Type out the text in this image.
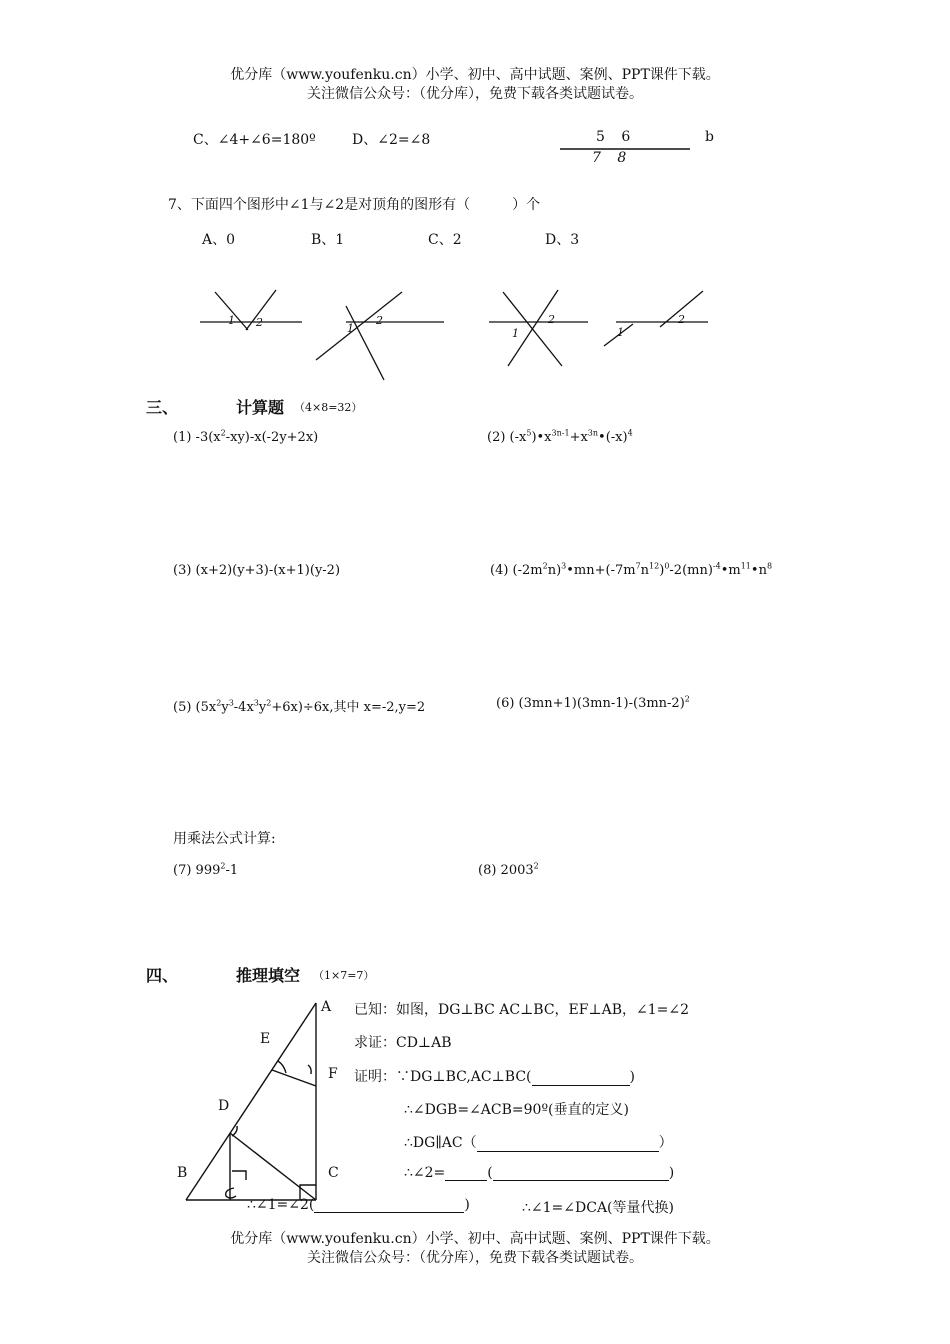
优分库（www.youfenku.cn）小学、初中、高中试题、案例、PPT课件下载。
关注微信公众号：（优分库），免费下载各类试题试卷。
C、∠4+∠6=180º	D、∠2=∠8	5 6
7 8
b
7、下面四个图形中∠1与∠2是对顶角的图形有（　　　）个
A、0	B、1	C、2	D、3
1 2	1
2
1
2
1
2
三、	计算题 （4×8=32）
(1) $-3(x^2-xy)-x(-2y+2x)$	(2) $(-x^5)•x^{3n-1}+x^{3n}•(-x)^4$
(3) (x+2)(y+3)-(x+1)(y-2)	(4) $(-2m^2n)^3•mn+(-7m^7n^{12})^0-2(mn)^{-4}•m^{11}•n^8$
(5) $(5x^2y^3-4x^3y^2+6x)\div 6x$,其中 x=-2,y=2	(6) $(3mn+1)(3mn-1)-(3mn-2)^2$
用乘法公式计算:
(7) $999^2-1$	(8) 2003$^2$
四、	推理填空 （1×7=7）
A
E
F
D
B	C
已知：如图，DG⊥BC AC⊥BC，EF⊥AB，∠1=∠2
求证：CD⊥AB
证明：∵DG⊥BC,AC⊥BC(	)
∴∠DGB=∠ACB=90º(垂直的定义)
∴DG∥AC（	）
∴∠2=	(	)
∴∠1=∠2(	)	∴∠1=∠DCA(等量代换)
优分库（www.youfenku.cn）小学、初中、高中试题、案例、PPT课件下载。
关注微信公众号：（优分库），免费下载各类试题试卷。
